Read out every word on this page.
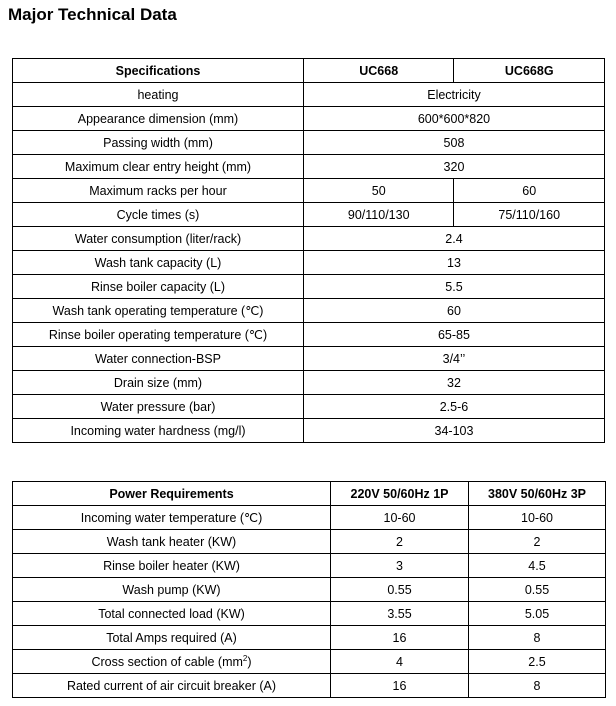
Major Technical Data
Specifications	UC668	UC668G
heating	Electricity	
Appearance dimension (mm)	600*600*820	
Passing width (mm)	508	
Maximum clear entry height (mm)	320	
Maximum racks per hour	50	60
Cycle times (s)	90/110/130	75/110/160
Water consumption (liter/rack)	2.4	
Wash tank capacity (L)	13	
Rinse boiler capacity (L)	5.5	
Wash tank operating temperature (℃)	60	
Rinse boiler operating temperature (℃)	65-85	
Water connection-BSP	3/4’’	
Drain size (mm)	32	
Water pressure (bar)	2.5-6	
Incoming water hardness (mg/l)	34-103	
Power Requirements	220V 50/60Hz 1P	380V 50/60Hz 3P
Incoming water temperature (℃)	10-60	10-60
Wash tank heater (KW)	2	2
Rinse boiler heater (KW)	3	4.5
Wash pump (KW)	0.55	0.55
Total connected load (KW)	3.55	5.05
Total Amps required (A)	16	8
Cross section of cable $(mm^2)$	4	2.5
Rated current of air circuit breaker (A)	16	8
